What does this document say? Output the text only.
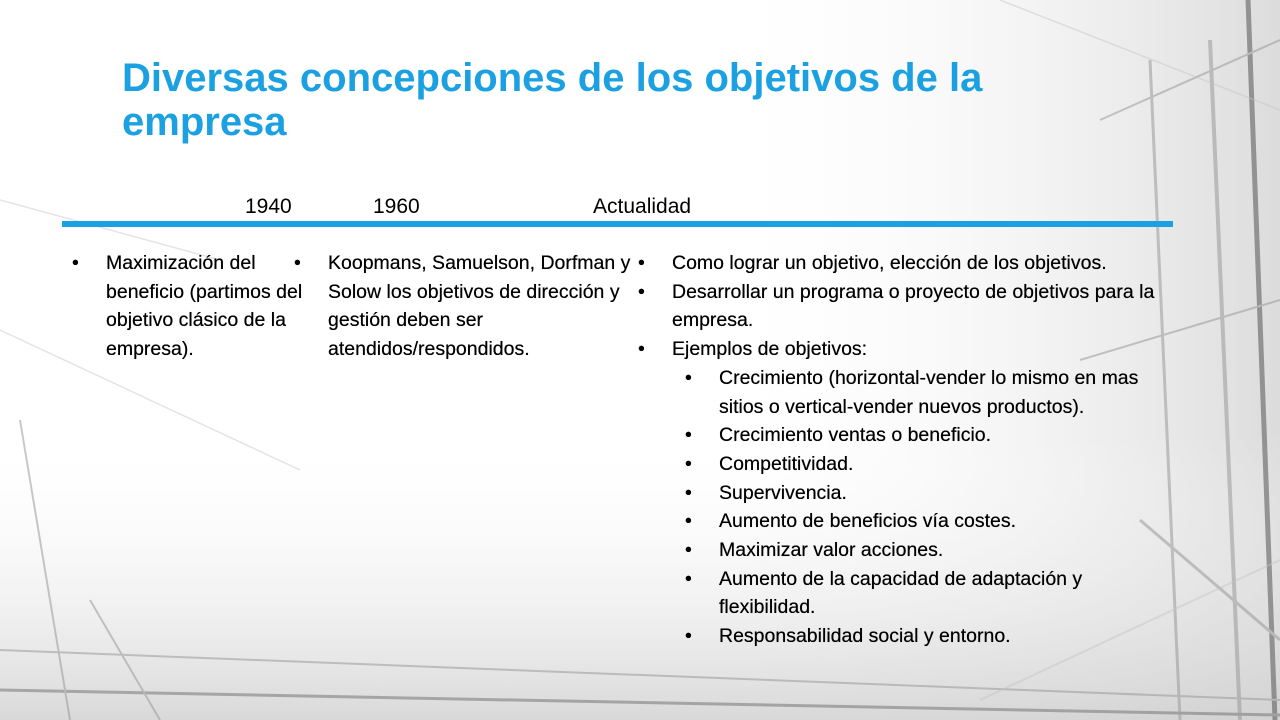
Diversas concepciones de los objetivos de la empresa
1940	1960	Actualidad
• Maximización del beneficio (partimos del objetivo clásico de la empresa).
• Koopmans, Samuelson, Dorfman y Solow los objetivos de dirección y gestión deben ser atendidos/respondidos.
• Como lograr un objetivo, elección de los objetivos.
• Desarrollar un programa o proyecto de objetivos para la empresa.
• Ejemplos de objetivos:
• Crecimiento (horizontal-vender lo mismo en mas sitios o vertical-vender nuevos productos).
• Crecimiento ventas o beneficio.
• Competitividad.
• Supervivencia.
• Aumento de beneficios vía costes.
• Maximizar valor acciones.
• Aumento de la capacidad de adaptación y flexibilidad.
• Responsabilidad social y entorno.
